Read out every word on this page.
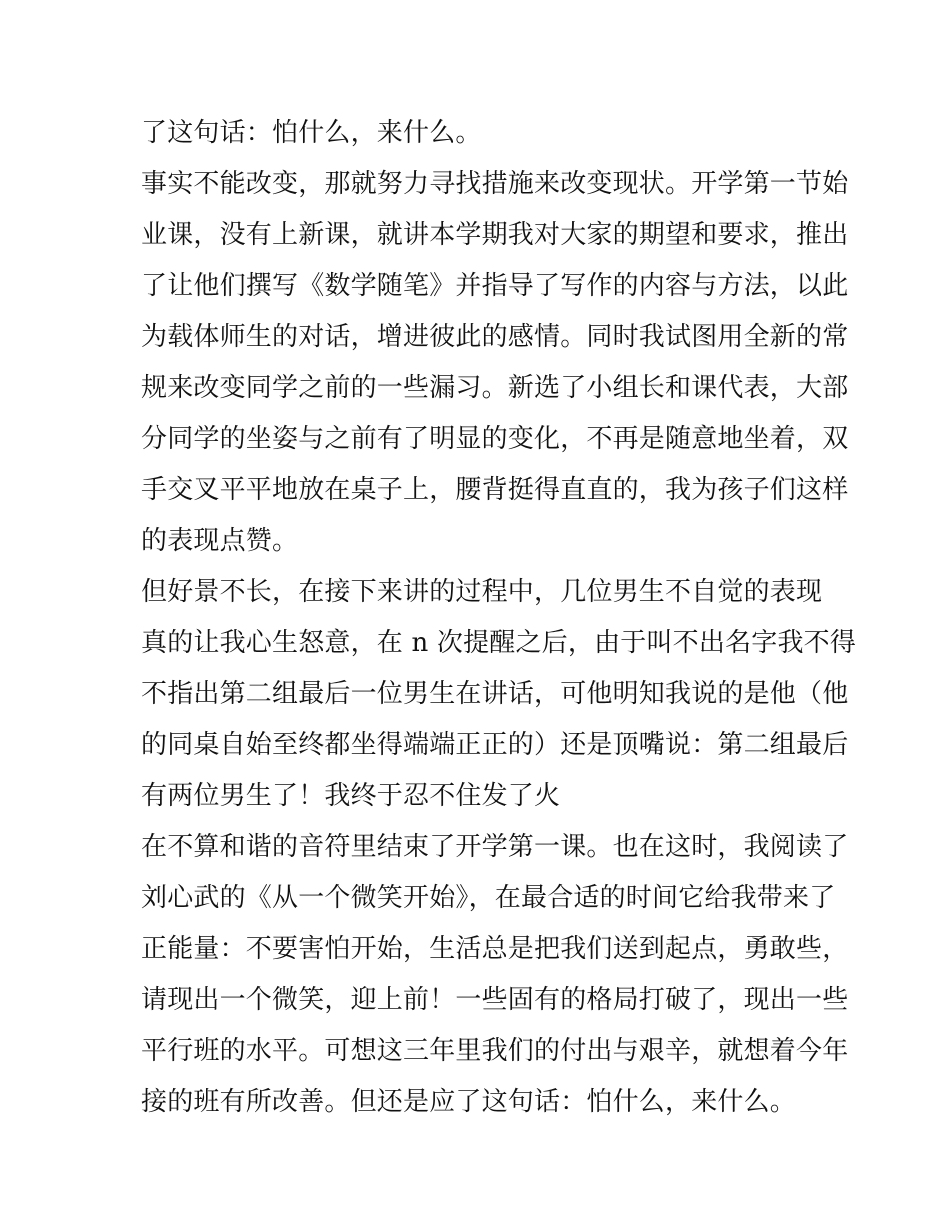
了这句话：怕什么，来什么。
事实不能改变，那就努力寻找措施来改变现状。开学第一节始
业课，没有上新课，就讲本学期我对大家的期望和要求，推出
了让他们撰写《数学随笔》并指导了写作的内容与方法，以此
为载体师生的对话，增进彼此的感情。同时我试图用全新的常
规来改变同学之前的一些漏习。新选了小组长和课代表，大部
分同学的坐姿与之前有了明显的变化，不再是随意地坐着，双
手交叉平平地放在桌子上，腰背挺得直直的，我为孩子们这样
的表现点赞。
但好景不长，在接下来讲的过程中，几位男生不自觉的表现
真的让我心生怒意，在 n 次提醒之后，由于叫不出名字我不得
不指出第二组最后一位男生在讲话，可他明知我说的是他（他
的同桌自始至终都坐得端端正正的）还是顶嘴说：第二组最后
有两位男生了！我终于忍不住发了火
在不算和谐的音符里结束了开学第一课。也在这时，我阅读了
刘心武的《从一个微笑开始》，在最合适的时间它给我带来了
正能量：不要害怕开始，生活总是把我们送到起点，勇敢些，
请现出一个微笑，迎上前！一些固有的格局打破了，现出一些
平行班的水平。可想这三年里我们的付出与艰辛，就想着今年
接的班有所改善。但还是应了这句话：怕什么，来什么。
